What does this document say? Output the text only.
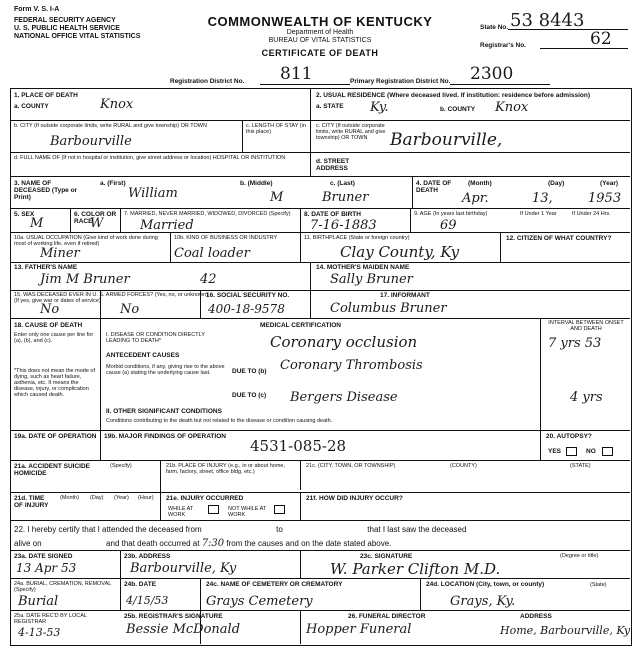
Form V. S. I-A
FEDERAL SECURITY AGENCY
U. S. PUBLIC HEALTH SERVICE
NATIONAL OFFICE VITAL STATISTICS
COMMONWEALTH OF KENTUCKY
Department of Health
BUREAU OF VITAL STATISTICS
CERTIFICATE OF DEATH
State No. 53 8443
Registrar's No.	62
Registration District No. 811	Primary Registration District No. 2300
1. PLACE OF DEATH
a. COUNTY	Knox
2. USUAL RESIDENCE (Where deceased lived. If institution: residence before admission)
a. STATE Ky.	b. COUNTY Knox
b. CITY (If outside corporate limits, write RURAL and give township) OR TOWN
Barbourville
c. LENGTH OF STAY (in this place)
c. CITY (If outside corporate limits, write RURAL and give township) OR TOWN	Barbourville,
d. FULL NAME OF (If not in hospital or institution, give street address or location) HOSPITAL OR INSTITUTION	d. STREET ADDRESS
3. NAME OF DECEASED (Type or Print)
a. (First)
William
b. (Middle)
M
c. (Last)
Bruner
4. DATE OF DEATH
(Month)	(Day)	(Year)
Apr.	13,	1953
5. SEX
M
6. COLOR OR RACE
W
7. MARRIED, NEVER MARRIED, WIDOWED, DIVORCED (Specify)
Married
8. DATE OF BIRTH
7-16-1883
9. AGE (In years last birthday)
69
If Under 1 Year	If Under 24 Hrs.
10a. USUAL OCCUPATION (Give kind of work done during most of working life, even if retired)
Miner
10b. KIND OF BUSINESS OR INDUSTRY
Coal loader
11. BIRTHPLACE (State or foreign country)
Clay County, Ky
12. CITIZEN OF WHAT COUNTRY?
13. FATHER'S NAME
Jim M Bruner	42
14. MOTHER'S MAIDEN NAME
Sally Bruner
15. WAS DECEASED EVER IN U. S. ARMED FORCES? (Yes, no, or unknown) (If yes, give war or dates of service)
No	No
16. SOCIAL SECURITY NO.
400-18-9578
17. INFORMANT
Columbus Bruner
18. CAUSE OF DEATH
Enter only one cause per line for (a), (b), and (c).
*This does not mean the mode of dying, such as heart failure, asthenia, etc. It means the disease, injury, or complication which caused death.
MEDICAL CERTIFICATION
I. DISEASE OR CONDITION DIRECTLY LEADING TO DEATH*	Coronary occlusion	7 yrs 53
ANTECEDENT CAUSES
Morbid conditions, if any, giving rise to the above cause (a) stating the underlying cause last.	DUE TO (b) Coronary Thrombosis
DUE TO (c) Bergers Disease	4 yrs
II. OTHER SIGNIFICANT CONDITIONS
Conditions contributing to the death but not related to the disease or condition causing death.
INTERVAL BETWEEN ONSET AND DEATH
19a. DATE OF OPERATION 19b. MAJOR FINDINGS OF OPERATION
4531-085-28
20. AUTOPSY?
YES	NO
21a. ACCIDENT SUICIDE HOMICIDE
(Specify)	21b. PLACE OF INJURY (e.g., in or about home, farm, factory, street, office bldg, etc.)
21c. (CITY, TOWN, OR TOWNSHIP)	(COUNTY)	(STATE)
21d. TIME OF INJURY
(Month) (Day) (Year) (Hour) 21e. INJURY OCCURRED
WHILE AT WORK
NOT WHILE AT WORK
21f. HOW DID INJURY OCCUR?
22. I hereby certify that I attended the deceased from	to	that I last saw the deceased
alive on	and that death occurred at 7:30 from the causes and on the date stated above.
23a. DATE SIGNED
13 Apr 53
23b. ADDRESS
Barbourville, Ky
23c. SIGNATURE	(Degree or title)
W. Parker Clifton M.D.
24a. BURIAL, CREMATION, REMOVAL (Specify)
Burial
24b. DATE
4/15/53
24c. NAME OF CEMETERY OR CREMATORY
Grays Cemetery
24d. LOCATION (City, town, or county)	(State)
Grays, Ky.
25a. DATE REC'D BY LOCAL REGISTRAR
4-13-53
25b. REGISTRAR'S SIGNATURE
Bessie McDonald
26. FUNERAL DIRECTOR
Hopper Funeral
ADDRESS
Home, Barbourville, Ky
